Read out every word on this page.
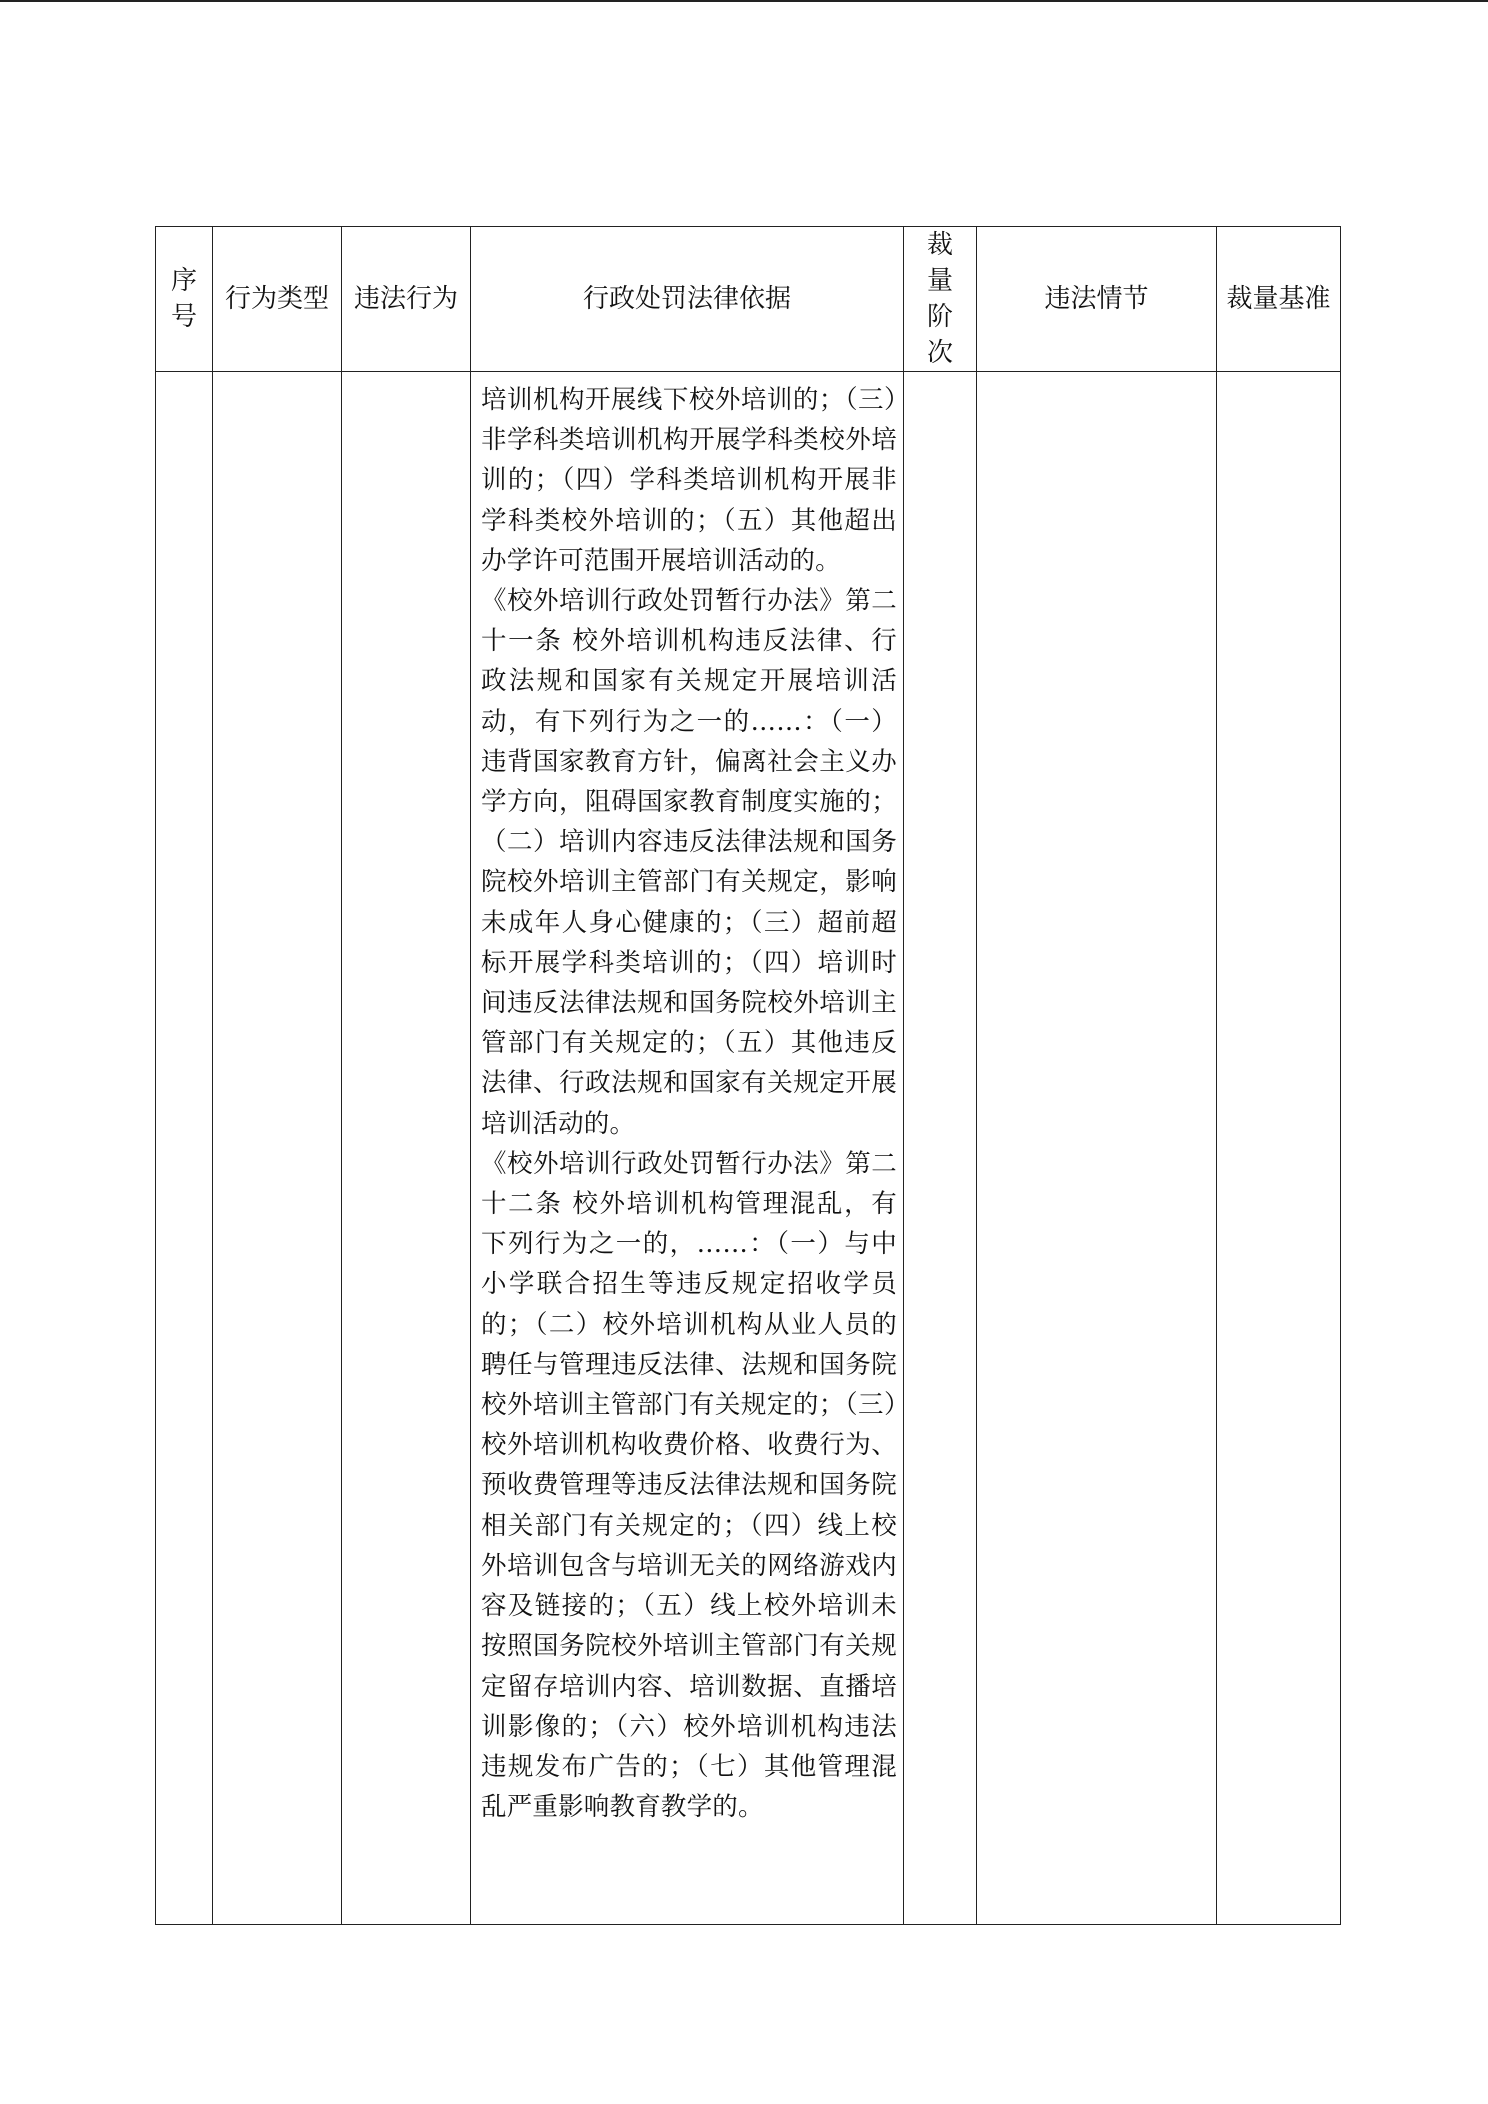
序号	行为类型	违法行为	行政处罚法律依据	裁量阶次	违法情节	裁量基准

			培训机构开展线下校外培训的；（三）非学科类培训机构开展学科类校外培训的；（四）学科类培训机构开展非学科类校外培训的；（五）其他超出办学许可范围开展培训活动的。
《校外培训行政处罚暂行办法》第二十一条 校外培训机构违反法律、行政法规和国家有关规定开展培训活动，有下列行为之一的……：（一）违背国家教育方针，偏离社会主义办学方向，阻碍国家教育制度实施的；（二）培训内容违反法律法规和国务院校外培训主管部门有关规定，影响未成年人身心健康的；（三）超前超标开展学科类培训的；（四）培训时间违反法律法规和国务院校外培训主管部门有关规定的；（五）其他违反法律、行政法规和国家有关规定开展培训活动的。
《校外培训行政处罚暂行办法》第二十二条 校外培训机构管理混乱，有下列行为之一的，……：（一）与中小学联合招生等违反规定招收学员的；（二）校外培训机构从业人员的聘任与管理违反法律、法规和国务院校外培训主管部门有关规定的；（三）校外培训机构收费价格、收费行为、预收费管理等违反法律法规和国务院相关部门有关规定的；（四）线上校外培训包含与培训无关的网络游戏内容及链接的；（五）线上校外培训未按照国务院校外培训主管部门有关规定留存培训内容、培训数据、直播培训影像的；（六）校外培训机构违法违规发布广告的；（七）其他管理混乱严重影响教育教学的。			
